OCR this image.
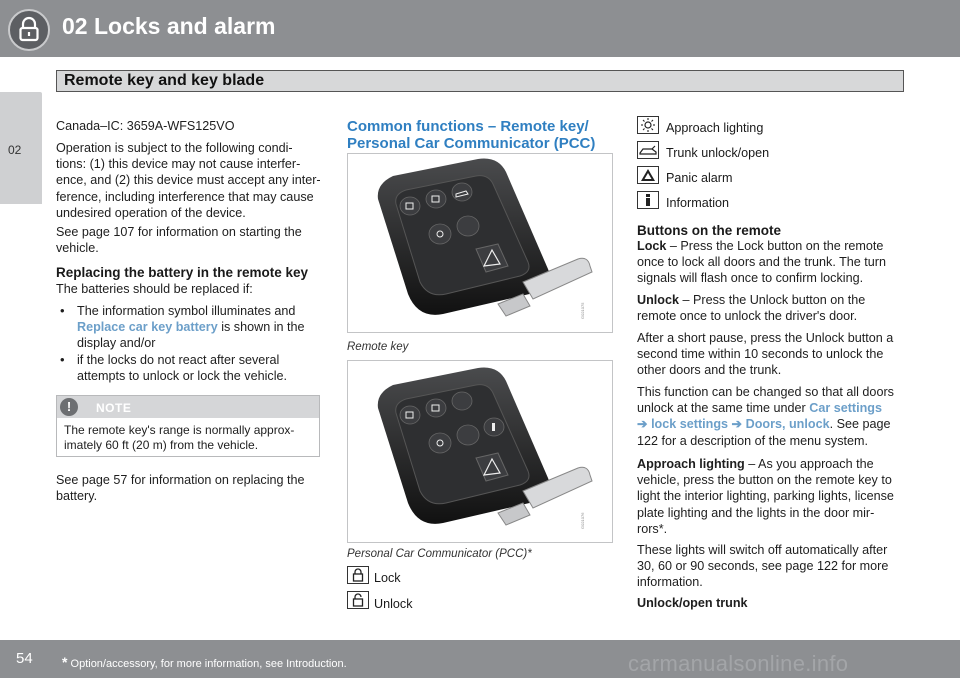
02 Locks and alarm
Remote key and key blade
02
Canada–IC: 3659A-WFS125VO
Operation is subject to the following condi-
tions: (1) this device may not cause interfer-
ence, and (2) this device must accept any inter-
ference, including interference that may cause
undesired operation of the device.
See page 107 for information on starting the
vehicle.
Replacing the battery in the remote key
The batteries should be replaced if:
• The information symbol illuminates and
Replace car key battery is shown in the
display and/or
• if the locks do not react after several
attempts to unlock or lock the vehicle.
!	NOTE
The remote key's range is normally approx-
imately 60 ft (20 m) from the vehicle.
See page 57 for information on replacing the
battery.
Common functions – Remote key/
Personal Car Communicator (PCC)
G021075
Remote key
G021076
Personal Car Communicator (PCC)*
Lock
Unlock
Approach lighting
Trunk unlock/open
Panic alarm
Information
Buttons on the remote
Lock – Press the Lock button on the remote
once to lock all doors and the trunk. The turn
signals will flash once to confirm locking.
Unlock – Press the Unlock button on the
remote once to unlock the driver's door.
After a short pause, press the Unlock button a
second time within 10 seconds to unlock the
other doors and the trunk.
This function can be changed so that all doors
unlock at the same time under Car settings
➔ lock settings ➔ Doors, unlock. See page
122 for a description of the menu system.
Approach lighting – As you approach the
vehicle, press the button on the remote key to
light the interior lighting, parking lights, license
plate lighting and the lights in the door mir-
rors*.
These lights will switch off automatically after
30, 60 or 90 seconds, see page 122 for more
information.
Unlock/open trunk
54 * Option/accessory, for more information, see Introduction.	carmanualsonline.info
